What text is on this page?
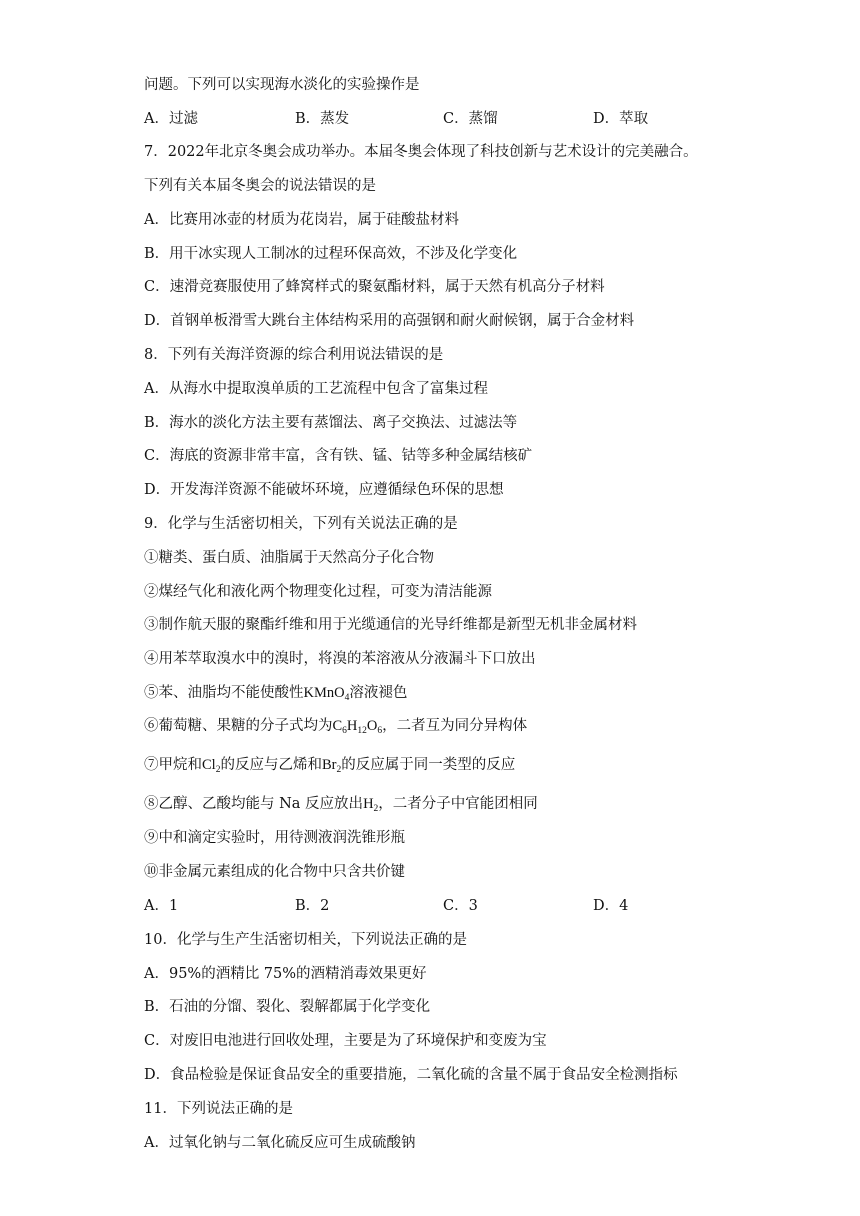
问题。下列可以实现海水淡化的实验操作是
A．过滤	B．蒸发	C．蒸馏	D．萃取
7．2022年北京冬奥会成功举办。本届冬奥会体现了科技创新与艺术设计的完美融合。
下列有关本届冬奥会的说法错误的是
A．比赛用冰壶的材质为花岗岩，属于硅酸盐材料
B．用干冰实现人工制冰的过程环保高效，不涉及化学变化
C．速滑竞赛服使用了蜂窝样式的聚氨酯材料，属于天然有机高分子材料
D．首钢单板滑雪大跳台主体结构采用的高强钢和耐火耐候钢，属于合金材料
8．下列有关海洋资源的综合利用说法错误的是
A．从海水中提取溴单质的工艺流程中包含了富集过程
B．海水的淡化方法主要有蒸馏法、离子交换法、过滤法等
C．海底的资源非常丰富，含有铁、锰、钴等多种金属结核矿
D．开发海洋资源不能破坏环境，应遵循绿色环保的思想
9．化学与生活密切相关，下列有关说法正确的是
①糖类、蛋白质、油脂属于天然高分子化合物
②煤经气化和液化两个物理变化过程，可变为清洁能源
③制作航天服的聚酯纤维和用于光缆通信的光导纤维都是新型无机非金属材料
④用苯萃取溴水中的溴时，将溴的苯溶液从分液漏斗下口放出
⑤苯、油脂均不能使酸性KMnO$_4$溶液褪色
⑥葡萄糖、果糖的分子式均为$C_6H_{12}O_6$，二者互为同分异构体
⑦甲烷和$Cl_2$的反应与乙烯和$Br_2$的反应属于同一类型的反应
⑧乙醇、乙酸均能与 Na 反应放出$H_2$，二者分子中官能团相同
⑨中和滴定实验时，用待测液润洗锥形瓶
⑩非金属元素组成的化合物中只含共价键
A．1	B．2	C．3	D．4
10．化学与生产生活密切相关，下列说法正确的是
A．95%的酒精比 75%的酒精消毒效果更好
B．石油的分馏、裂化、裂解都属于化学变化
C．对废旧电池进行回收处理，主要是为了环境保护和变废为宝
D．食品检验是保证食品安全的重要措施，二氧化硫的含量不属于食品安全检测指标
11．下列说法正确的是
A．过氧化钠与二氧化硫反应可生成硫酸钠
